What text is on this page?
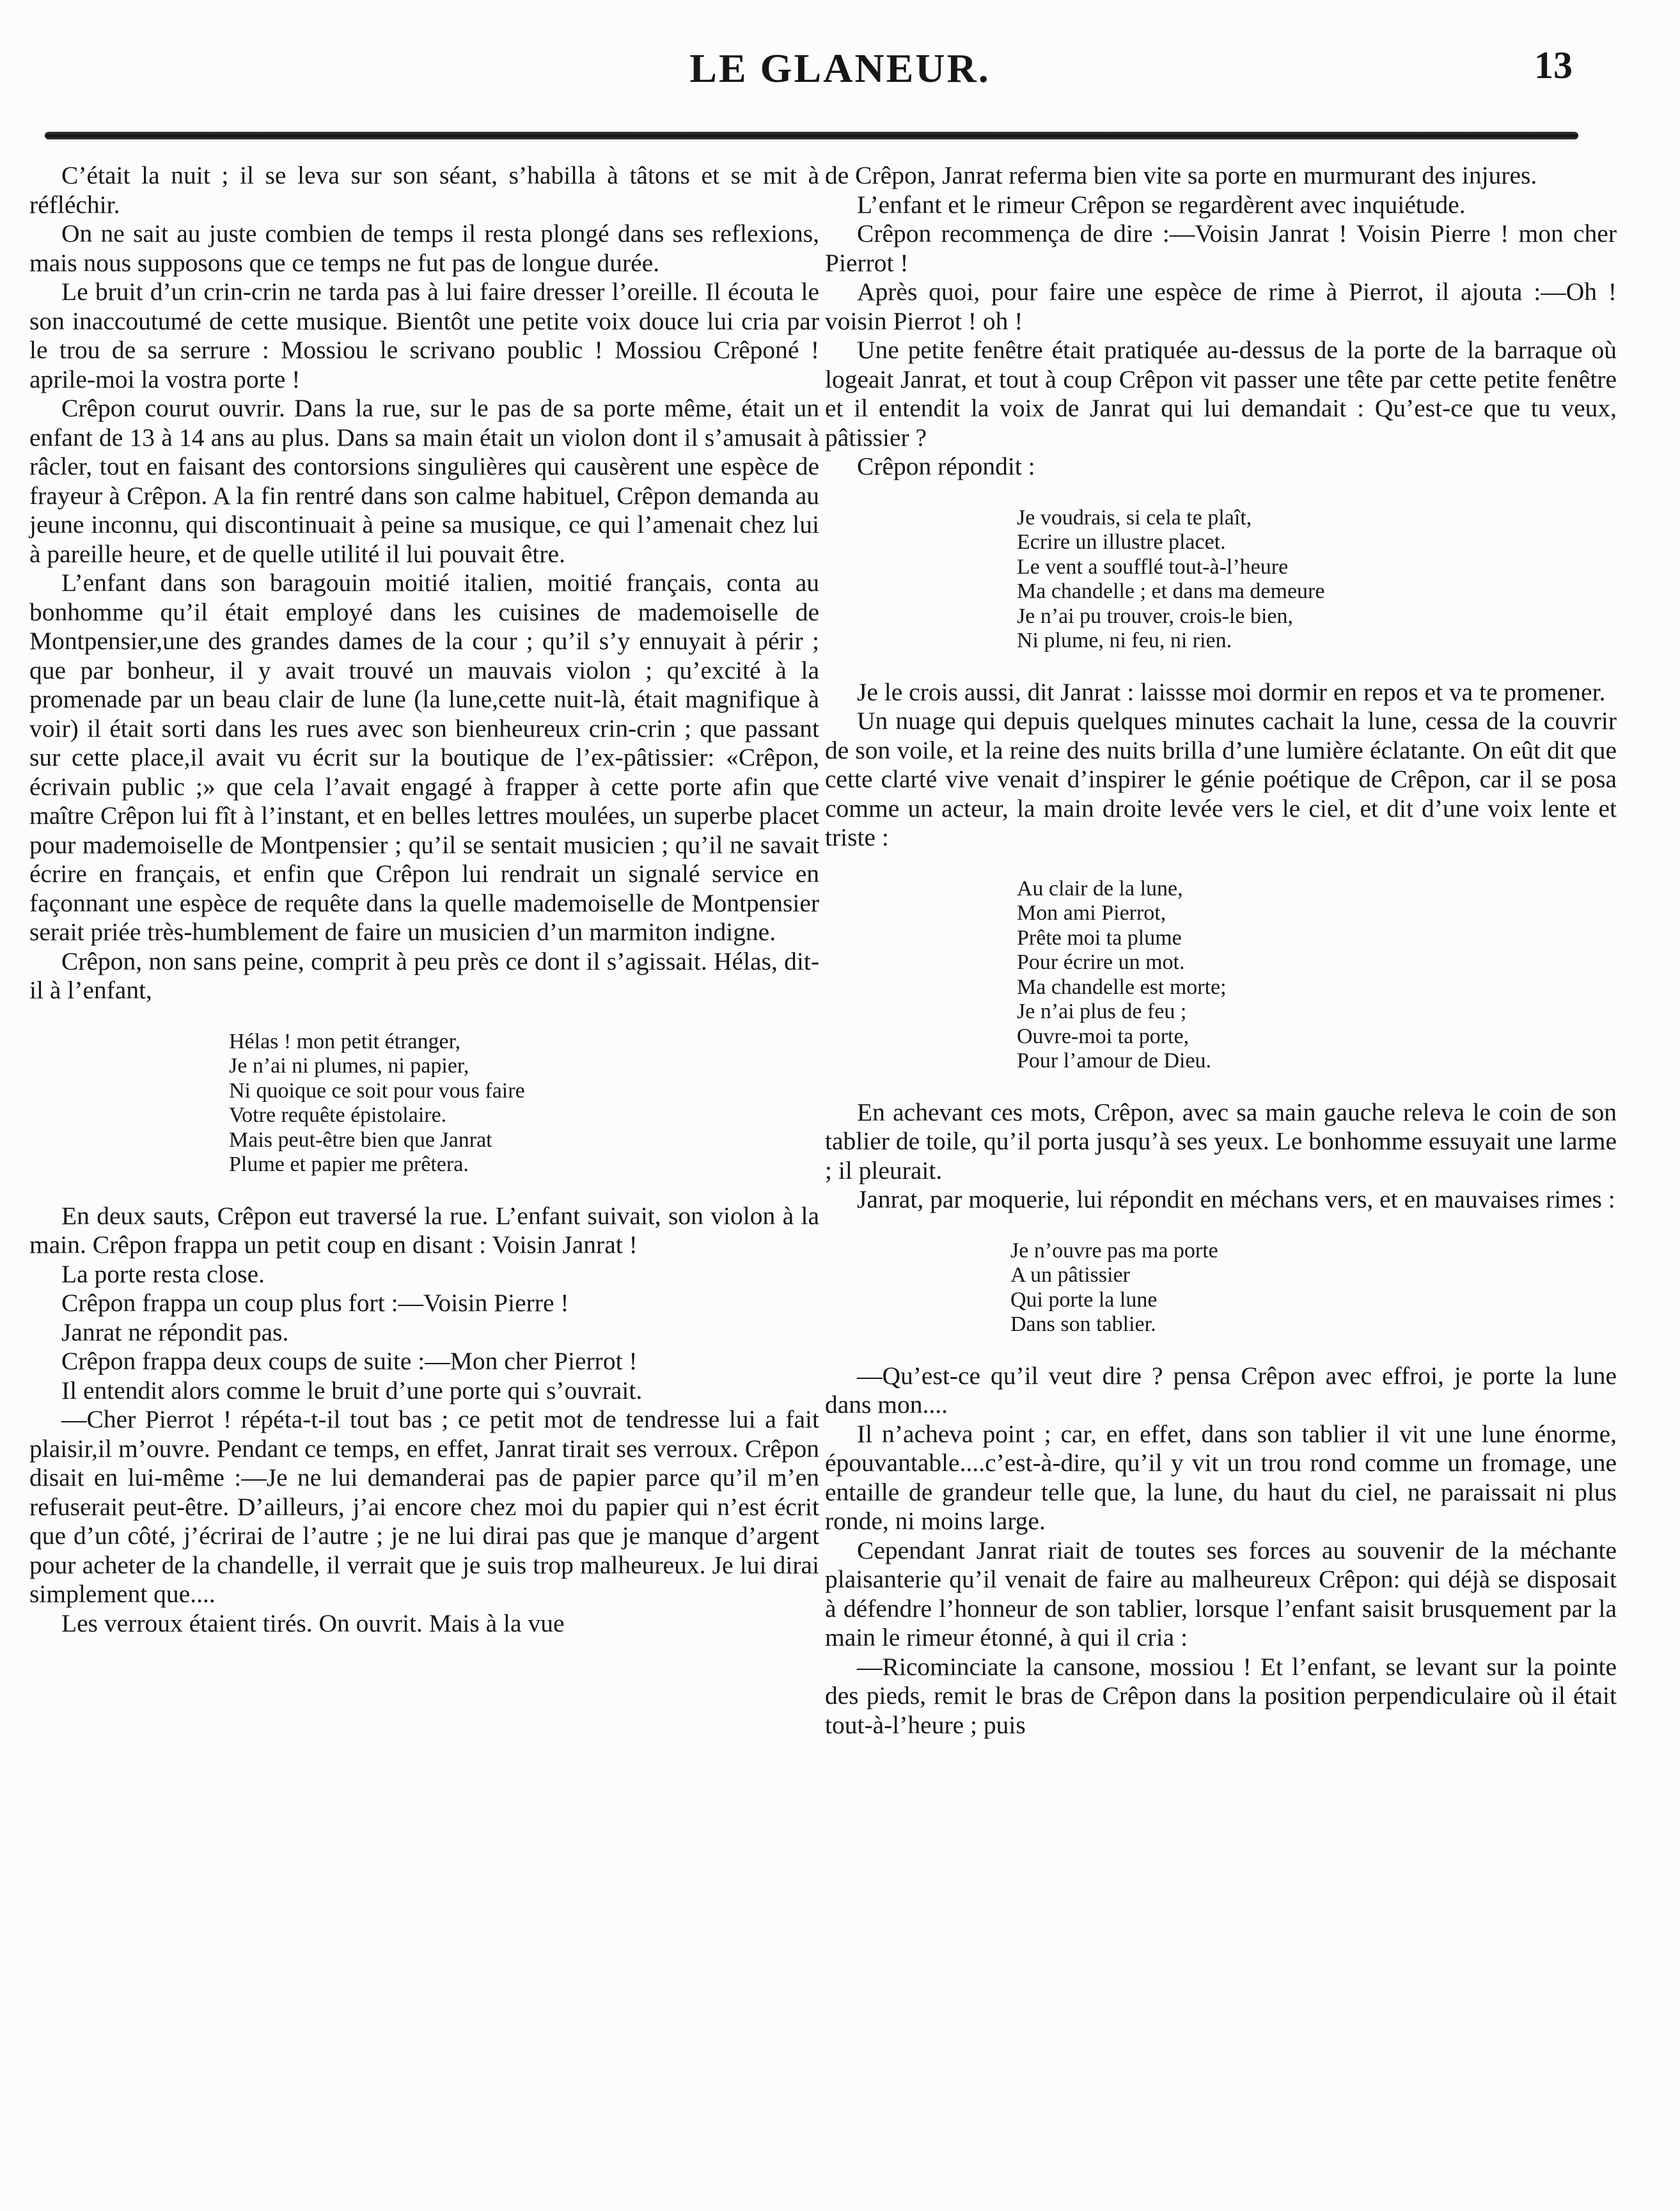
LE GLANEUR.	13

C’était la nuit ; il se leva sur son séant, s’habilla à tâtons et se mit à réfléchir.

On ne sait au juste combien de temps il resta plongé dans ses reflexions, mais nous supposons que ce temps ne fut pas de longue durée.

Le bruit d’un crin-crin ne tarda pas à lui faire dresser l’oreille. Il écouta le son inaccoutumé de cette musique. Bientôt une petite voix douce lui cria par le trou de sa serrure : Mossiou le scrivano poublic ! Mossiou Crêponé ! aprile-moi la vostra porte !

Crêpon courut ouvrir. Dans la rue, sur le pas de sa porte même, était un enfant de 13 à 14 ans au plus. Dans sa main était un violon dont il s’amusait à râcler, tout en faisant des contorsions singulières qui causèrent une espèce de frayeur à Crêpon. A la fin rentré dans son calme habituel, Crêpon demanda au jeune inconnu, qui discontinuait à peine sa musique, ce qui l’amenait chez lui à pareille heure, et de quelle utilité il lui pouvait être.

L’enfant dans son baragouin moitié italien, moitié français, conta au bonhomme qu’il était employé dans les cuisines de mademoiselle de Montpensier,une des grandes dames de la cour ; qu’il s’y ennuyait à périr ; que par bonheur, il y avait trouvé un mauvais violon ; qu’excité à la promenade par un beau clair de lune (la lune,cette nuit-là, était magnifique à voir) il était sorti dans les rues avec son bienheureux crin-crin ; que passant sur cette place,il avait vu écrit sur la boutique de l’ex-pâtissier: «Crêpon, écrivain public ;» que cela l’avait engagé à frapper à cette porte afin que maître Crêpon lui fît à l’instant, et en belles lettres moulées, un superbe placet pour mademoiselle de Montpensier ; qu’il se sentait musicien ; qu’il ne savait écrire en français, et enfin que Crêpon lui rendrait un signalé service en façonnant une espèce de requête dans la quelle mademoiselle de Montpensier serait priée très-humblement de faire un musicien d’un marmiton indigne.

Crêpon, non sans peine, comprit à peu près ce dont il s’agissait. Hélas, dit-il à l’enfant,

Hélas ! mon petit étranger,
Je n’ai ni plumes, ni papier,
Ni quoique ce soit pour vous faire
Votre requête épistolaire.
Mais peut-être bien que Janrat
Plume et papier me prêtera.

En deux sauts, Crêpon eut traversé la rue. L’enfant suivait, son violon à la main. Crêpon frappa un petit coup en disant : Voisin Janrat !

La porte resta close.

Crêpon frappa un coup plus fort :—Voisin Pierre !

Janrat ne répondit pas.

Crêpon frappa deux coups de suite :—Mon cher Pierrot !

Il entendit alors comme le bruit d’une porte qui s’ouvrait.

—Cher Pierrot ! répéta-t-il tout bas ; ce petit mot de tendresse lui a fait plaisir,il m’ouvre. Pendant ce temps, en effet, Janrat tirait ses verroux. Crêpon disait en lui-même :—Je ne lui demanderai pas de papier parce qu’il m’en refuserait peut-être. D’ailleurs, j’ai encore chez moi du papier qui n’est écrit que d’un côté, j’écrirai de l’autre ; je ne lui dirai pas que je manque d’argent pour acheter de la chandelle, il verrait que je suis trop malheureux. Je lui dirai simplement que....

Les verroux étaient tirés. On ouvrit. Mais à la vue

de Crêpon, Janrat referma bien vite sa porte en murmurant des injures.

L’enfant et le rimeur Crêpon se regardèrent avec inquiétude.

Crêpon recommença de dire :—Voisin Janrat ! Voisin Pierre ! mon cher Pierrot !

Après quoi, pour faire une espèce de rime à Pierrot, il ajouta :—Oh ! voisin Pierrot ! oh !

Une petite fenêtre était pratiquée au-dessus de la porte de la barraque où logeait Janrat, et tout à coup Crêpon vit passer une tête par cette petite fenêtre et il entendit la voix de Janrat qui lui demandait : Qu’est-ce que tu veux, pâtissier ?

Crêpon répondit :

Je voudrais, si cela te plaît,
Ecrire un illustre placet.
Le vent a soufflé tout-à-l’heure
Ma chandelle ; et dans ma demeure
Je n’ai pu trouver, crois-le bien,
Ni plume, ni feu, ni rien.

Je le crois aussi, dit Janrat : laissse moi dormir en repos et va te promener.

Un nuage qui depuis quelques minutes cachait la lune, cessa de la couvrir de son voile, et la reine des nuits brilla d’une lumière éclatante. On eût dit que cette clarté vive venait d’inspirer le génie poétique de Crêpon, car il se posa comme un acteur, la main droite levée vers le ciel, et dit d’une voix lente et triste :

Au clair de la lune,
Mon ami Pierrot,
Prête moi ta plume
Pour écrire un mot.
Ma chandelle est morte;
Je n’ai plus de feu ;
Ouvre-moi ta porte,
Pour l’amour de Dieu.

En achevant ces mots, Crêpon, avec sa main gauche releva le coin de son tablier de toile, qu’il porta jusqu’à ses yeux. Le bonhomme essuyait une larme ; il pleurait.

Janrat, par moquerie, lui répondit en méchans vers, et en mauvaises rimes :

Je n’ouvre pas ma porte
A un pâtissier
Qui porte la lune
Dans son tablier.

—Qu’est-ce qu’il veut dire ? pensa Crêpon avec effroi, je porte la lune dans mon....

Il n’acheva point ; car, en effet, dans son tablier il vit une lune énorme, épouvantable....c’est-à-dire, qu’il y vit un trou rond comme un fromage, une entaille de grandeur telle que, la lune, du haut du ciel, ne paraissait ni plus ronde, ni moins large.

Cependant Janrat riait de toutes ses forces au souvenir de la méchante plaisanterie qu’il venait de faire au malheureux Crêpon: qui déjà se disposait à défendre l’honneur de son tablier, lorsque l’enfant saisit brusquement par la main le rimeur étonné, à qui il cria :

—Ricominciate la cansone, mossiou ! Et l’enfant, se levant sur la pointe des pieds, remit le bras de Crêpon dans la position perpendiculaire où il était tout-à-l’heure ; puis
